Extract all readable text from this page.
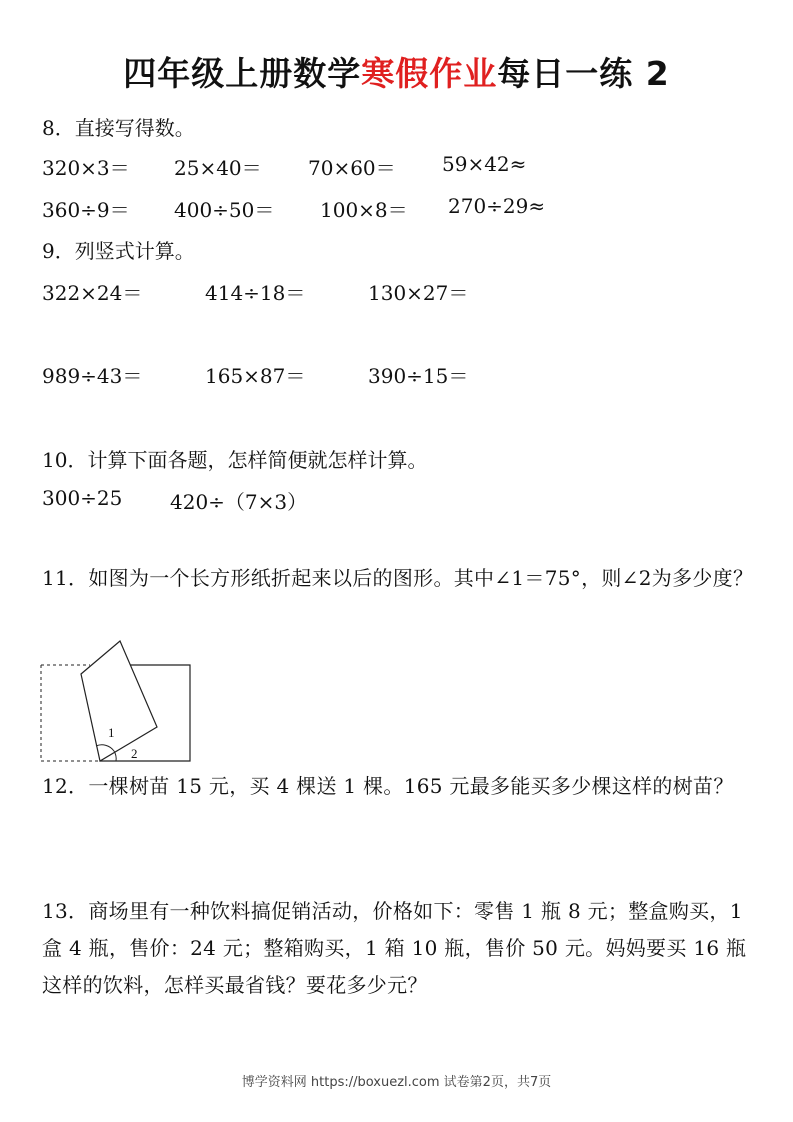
四年级上册数学寒假作业每日一练 2
8．直接写得数。
320×3＝ 25×40＝ 70×60＝ 59×42≈
360÷9＝ 400÷50＝ 100×8＝ 270÷29≈
9．列竖式计算。
322×24＝	414÷18＝	130×27＝
989÷43＝	165×87＝	390÷15＝
10．计算下面各题，怎样简便就怎样计算。
300÷25 420÷（7×3）
11．如图为一个长方形纸折起来以后的图形。其中∠1＝75°，则∠2为多少度？
1
2
12．一棵树苗 15 元，买 4 棵送 1 棵。165 元最多能买多少棵这样的树苗？
13．商场里有一种饮料搞促销活动，价格如下：零售 1 瓶 8 元；整盒购买，1 盒 4 瓶，售价：24 元；整箱购买，1 箱 10 瓶，售价 50 元。妈妈要买 16 瓶这样的饮料，怎样买最省钱？要花多少元？
博学资料网 https://boxuezl.com 试卷第2页，共7页
